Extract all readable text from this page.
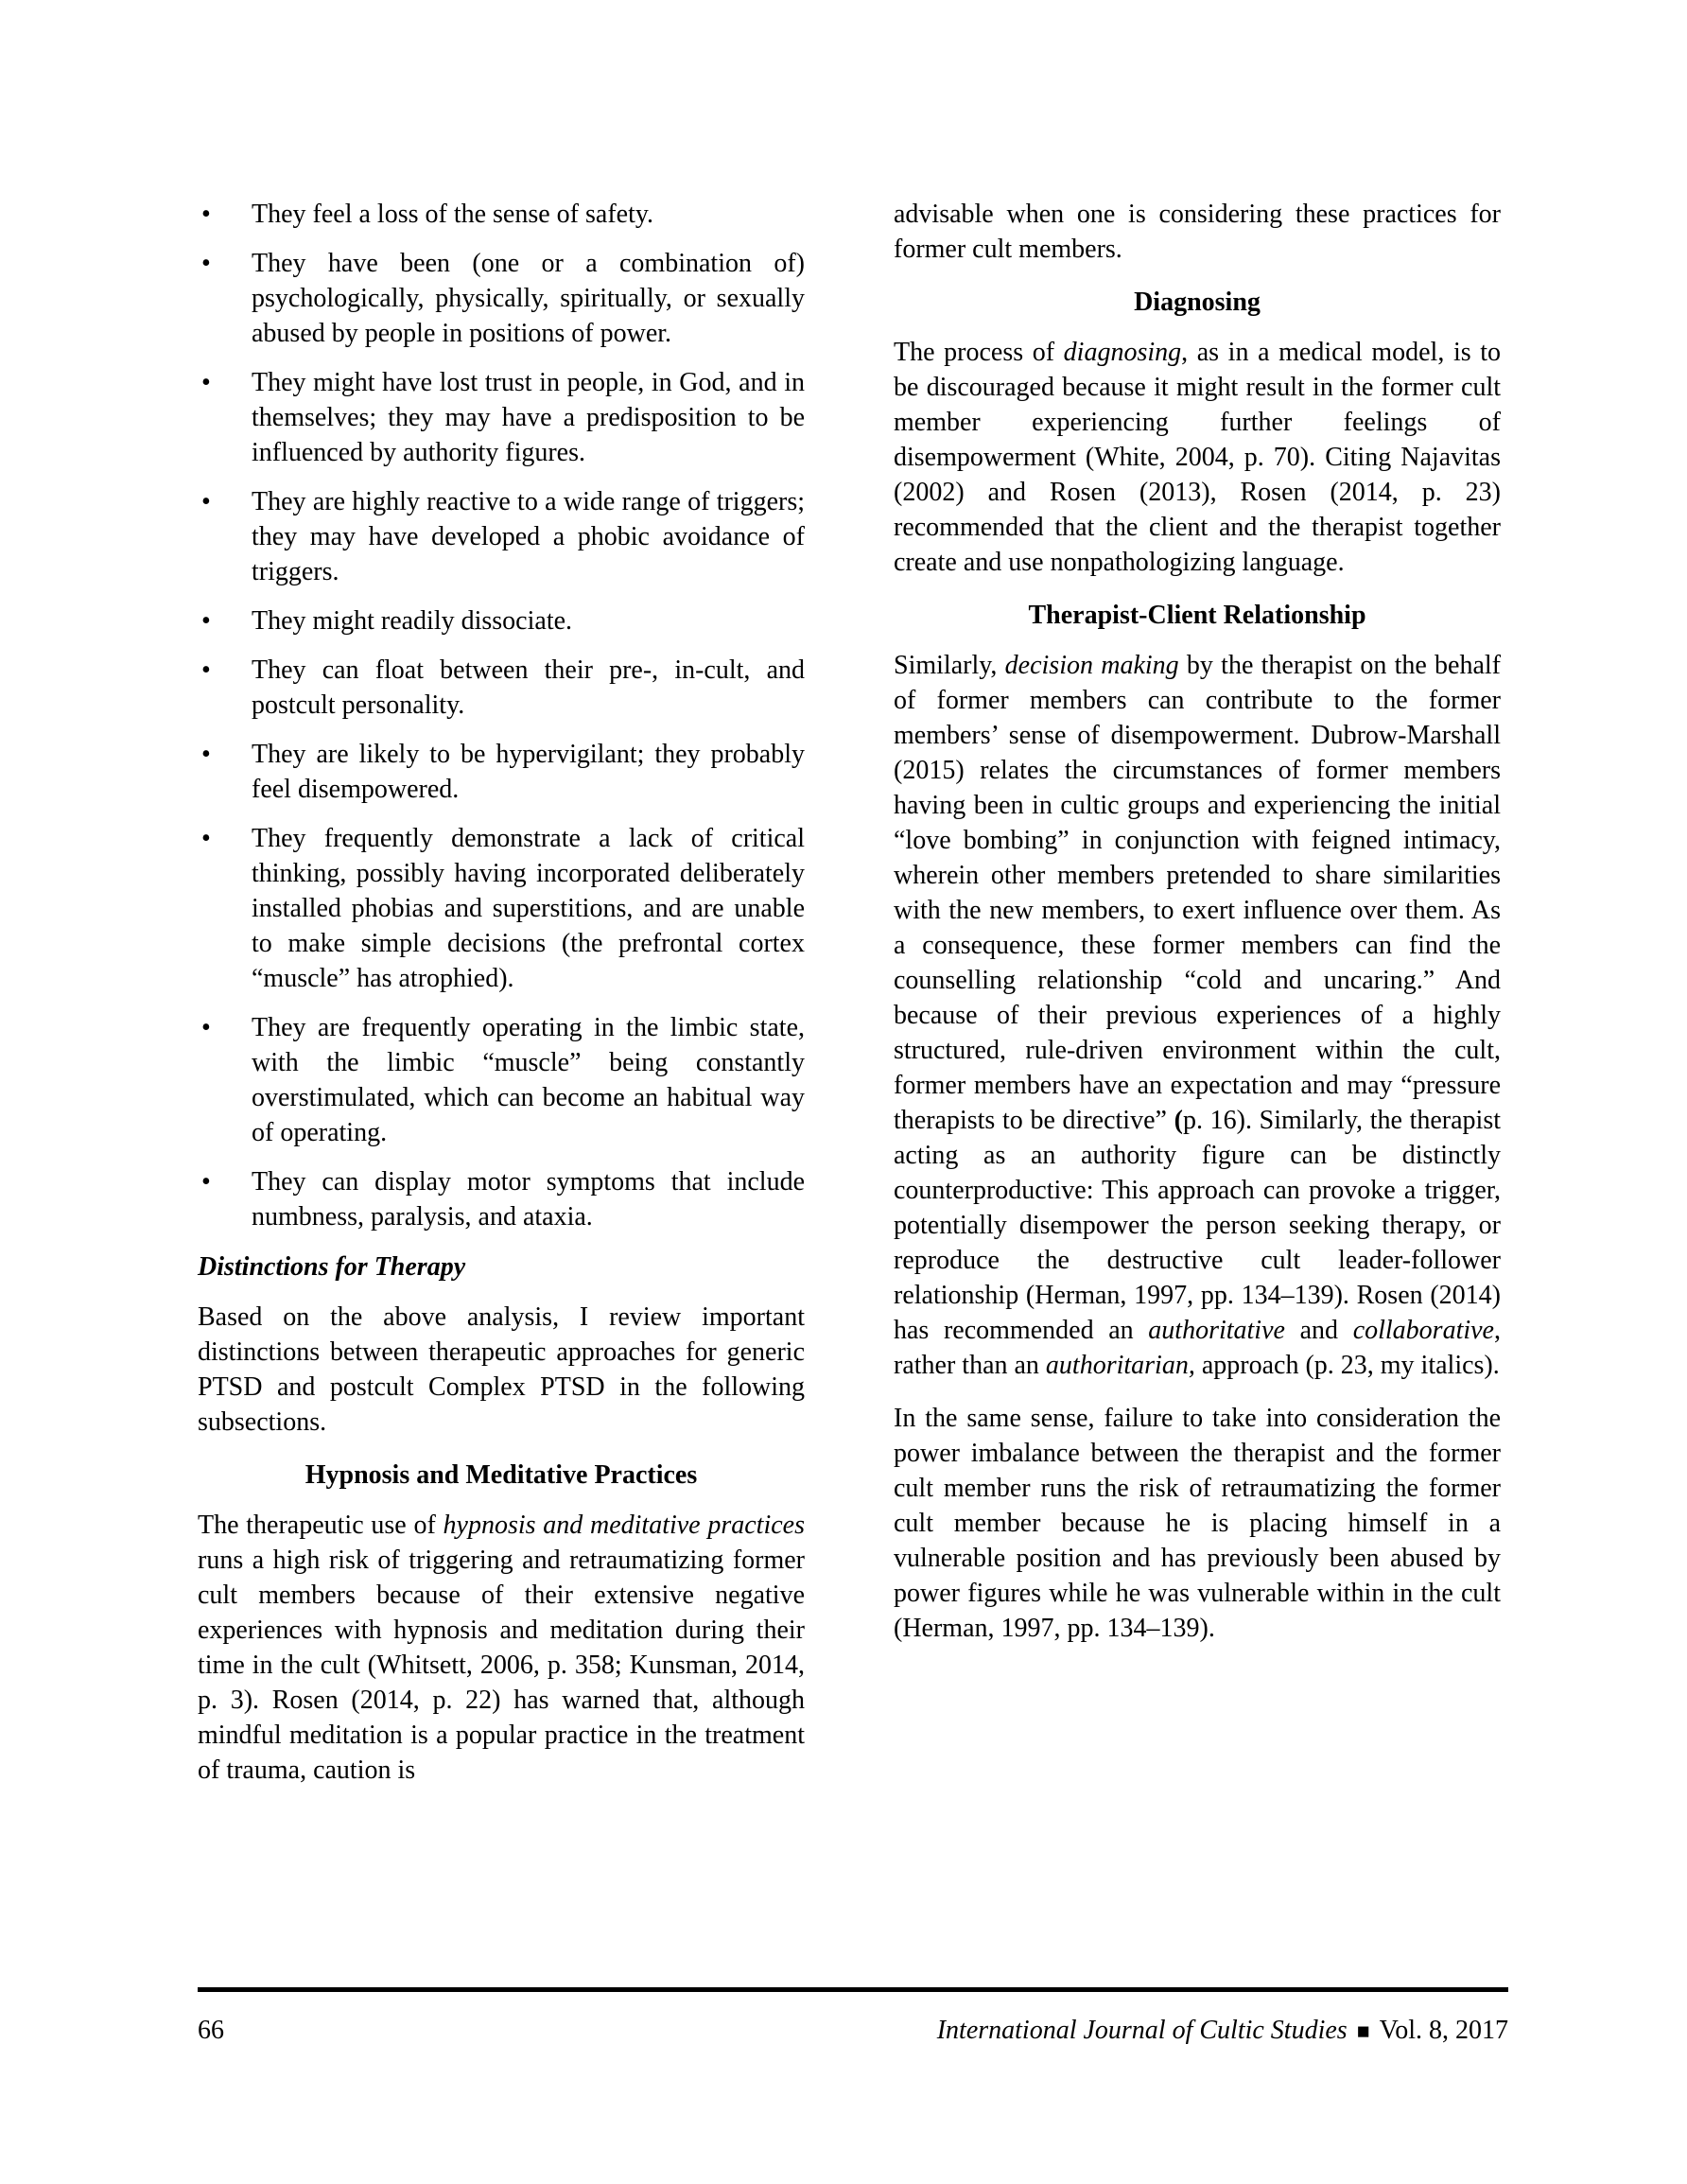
• They feel a loss of the sense of safety.
• They have been (one or a combination of) psychologically, physically, spiritually, or sexually abused by people in positions of power.
• They might have lost trust in people, in God, and in themselves; they may have a predisposition to be influenced by authority figures.
• They are highly reactive to a wide range of triggers; they may have developed a phobic avoidance of triggers.
• They might readily dissociate.
• They can float between their pre-, in-cult, and postcult personality.
• They are likely to be hypervigilant; they probably feel disempowered.
• They frequently demonstrate a lack of critical thinking, possibly having incorporated deliberately installed phobias and superstitions, and are unable to make simple decisions (the prefrontal cortex “muscle” has atrophied).
• They are frequently operating in the limbic state, with the limbic “muscle” being constantly overstimulated, which can become an habitual way of operating.
• They can display motor symptoms that include numbness, paralysis, and ataxia.
Distinctions for Therapy

Based on the above analysis, I review important distinctions between therapeutic approaches for generic PTSD and postcult Complex PTSD in the following subsections.

Hypnosis and Meditative Practices

The therapeutic use of hypnosis and meditative practices runs a high risk of triggering and retraumatizing former cult members because of their extensive negative experiences with hypnosis and meditation during their time in the cult (Whitsett, 2006, p. 358; Kunsman, 2014, p. 3). Rosen (2014, p. 22) has warned that, although mindful meditation is a popular practice in the treatment of trauma, caution is

advisable when one is considering these practices for former cult members.

Diagnosing

The process of diagnosing, as in a medical model, is to be discouraged because it might result in the former cult member experiencing further feelings of disempowerment (White, 2004, p. 70). Citing Najavitas (2002) and Rosen (2013), Rosen (2014, p. 23) recommended that the client and the therapist together create and use nonpathologizing language.

Therapist-Client Relationship

Similarly, decision making by the therapist on the behalf of former members can contribute to the former members’ sense of disempowerment. Dubrow-Marshall (2015) relates the circumstances of former members having been in cultic groups and experiencing the initial “love bombing” in conjunction with feigned intimacy, wherein other members pretended to share similarities with the new members, to exert influence over them. As a consequence, these former members can find the counselling relationship “cold and uncaring.” And because of their previous experiences of a highly structured, rule-driven environment within the cult, former members have an expectation and may “pressure therapists to be directive” (p. 16). Similarly, the therapist acting as an authority figure can be distinctly counterproductive: This approach can provoke a trigger, potentially disempower the person seeking therapy, or reproduce the destructive cult leader-follower relationship (Herman, 1997, pp. 134–139). Rosen (2014) has recommended an authoritative and collaborative, rather than an authoritarian, approach (p. 23, my italics).

In the same sense, failure to take into consideration the power imbalance between the therapist and the former cult member runs the risk of retraumatizing the former cult member because he is placing himself in a vulnerable position and has previously been abused by power figures while he was vulnerable within in the cult (Herman, 1997, pp. 134–139).

66	International Journal of Cultic Studies ■ Vol. 8, 2017
